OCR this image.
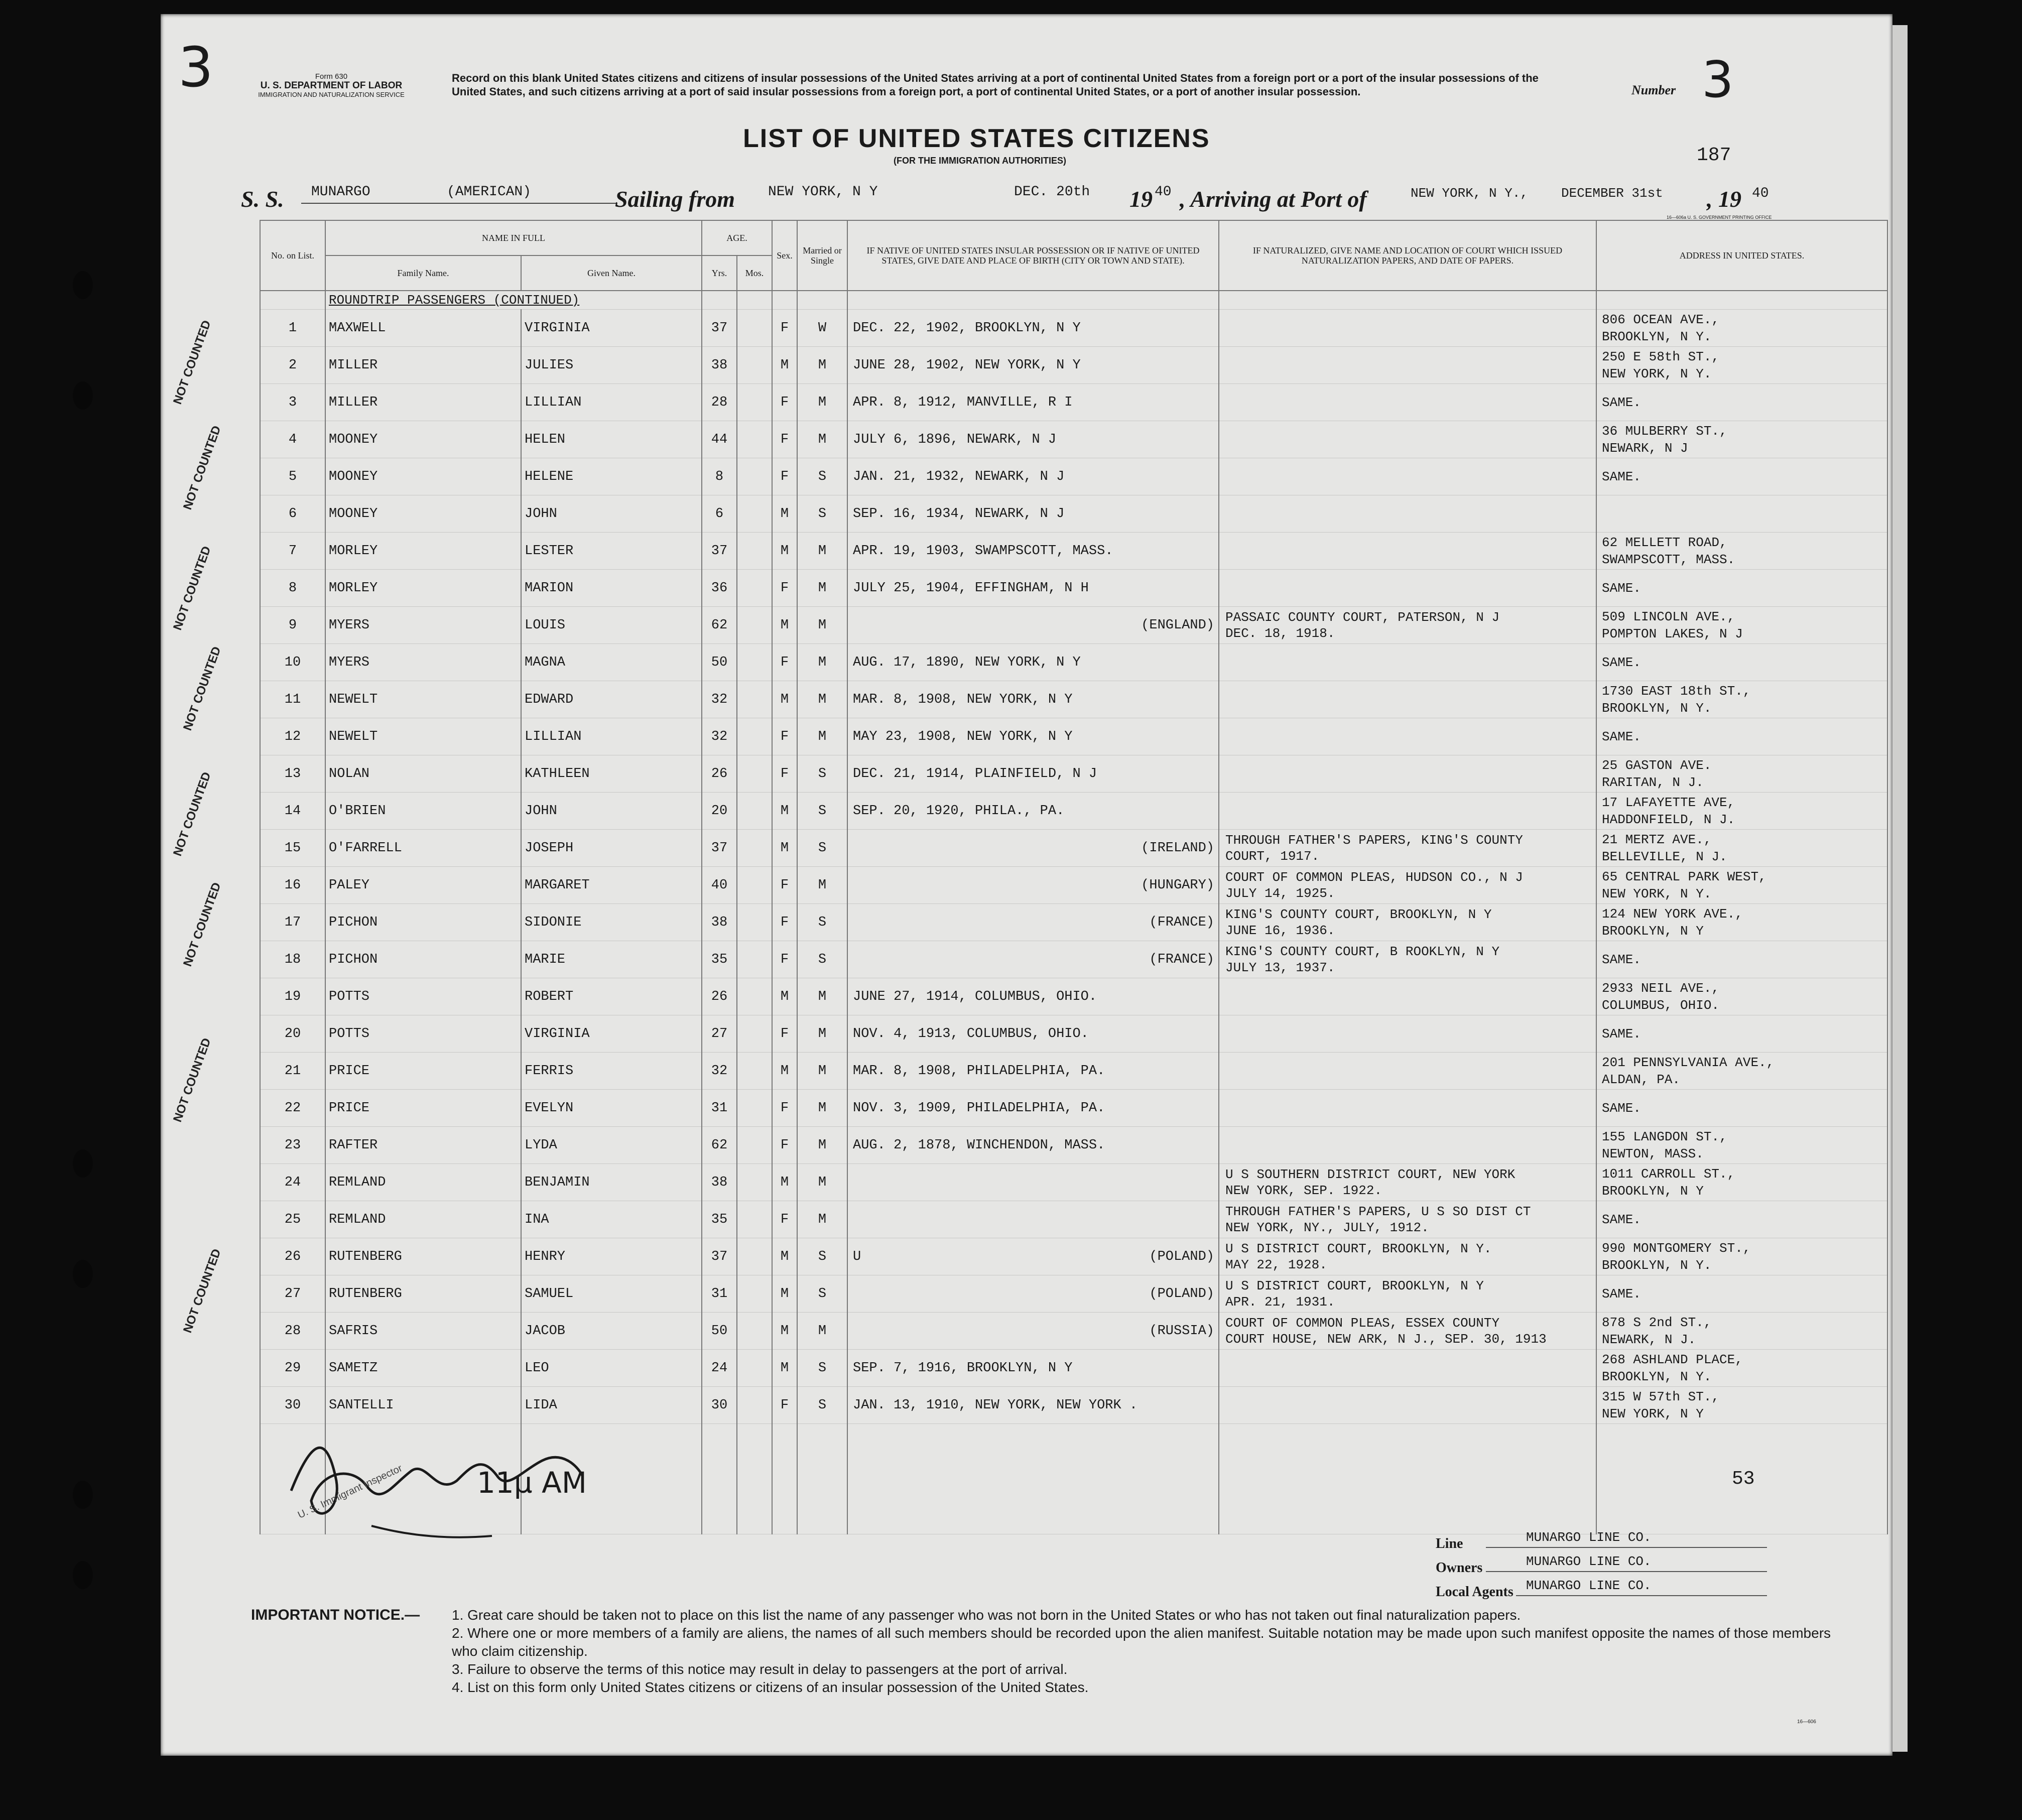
3	Form 630
U. S. DEPARTMENT OF LABOR
IMMIGRATION AND NATURALIZATION SERVICE
Record on this blank United States citizens and citizens of insular possessions of the United States arriving at a port of continental United States from a foreign port or a port of the insular possessions of the United States, and such citizens arriving at a port of said insular possessions from a foreign port, a port of continental United States, or a port of another insular possession.	Number 3
LIST OF UNITED STATES CITIZENS
(FOR THE IMMIGRATION AUTHORITIES)	187
S. S. MUNARGO	(AMERICAN)	Sailing from NEW YORK, N Y	DEC. 20th 19 40 , Arriving at Port of	NEW YORK, N Y.,	DECEMBER 31st , 19 40
16—606a U. S. GOVERNMENT PRINTING OFFICE
	No. on List.	NAME IN FULL		AGE.		Sex.	Married or Single	IF NATIVE OF UNITED STATES INSULAR POSSESSION OR IF NATIVE OF UNITED STATES, GIVE DATE AND PLACE OF BIRTH (CITY OR TOWN AND STATE).	IF NATURALIZED, GIVE NAME AND LOCATION OF COURT WHICH ISSUED NATURALIZATION PAPERS, AND DATE OF PAPERS.	ADDRESS IN UNITED STATES.
		Family Name.	Given Name.	Yrs.	Mos.					
		ROUNDTRIP PASSENGERS (CONTINUED)								
	1	MAXWELL	VIRGINIA	37		F	W	DEC. 22, 1902, BROOKLYN, N Y		806 OCEAN AVE.,
BROOKLYN, N Y.

	2	MILLER	JULIES	38		M	M	JUNE 28, 1902, NEW YORK, N Y		250 E 58th ST.,
NEW YORK, N Y.

	3	MILLER	LILLIAN	28		F	M	APR. 8, 1912, MANVILLE, R I		SAME.

	4	MOONEY	HELEN	44		F	M	JULY 6, 1896, NEWARK, N J		36 MULBERRY ST.,
NEWARK, N J

	5	MOONEY	HELENE	8		F	S	JAN. 21, 1932, NEWARK, N J		SAME.

	6	MOONEY	JOHN	6		M	S	SEP. 16, 1934, NEWARK, N J		

	7	MORLEY	LESTER	37		M	M	APR. 19, 1903, SWAMPSCOTT, MASS.		62 MELLETT ROAD,
SWAMPSCOTT, MASS.

	8	MORLEY	MARION	36		F	M	JULY 25, 1904, EFFINGHAM, N H		SAME.

	9	MYERS	LOUIS	62		M	M	(ENGLAND)	PASSAIC COUNTY COURT, PATERSON, N J
DEC. 18, 1918.	509 LINCOLN AVE.,
POMPTON LAKES, N J

	10	MYERS	MAGNA	50		F	M	AUG. 17, 1890, NEW YORK, N Y		SAME.

	11	NEWELT	EDWARD	32		M	M	MAR. 8, 1908, NEW YORK, N Y		1730 EAST 18th ST.,
BROOKLYN, N Y.

	12	NEWELT	LILLIAN	32		F	M	MAY 23, 1908, NEW YORK, N Y		SAME.

	13	NOLAN	KATHLEEN	26		F	S	DEC. 21, 1914, PLAINFIELD, N J		25 GASTON AVE.
RARITAN, N J.

	14	O'BRIEN	JOHN	20		M	S	SEP. 20, 1920, PHILA., PA.		17 LAFAYETTE AVE,
HADDONFIELD, N J.

	15	O'FARRELL	JOSEPH	37		M	S	(IRELAND)	THROUGH FATHER'S PAPERS, KING'S COUNTY
COURT, 1917.	21 MERTZ AVE.,
BELLEVILLE, N J.

	16	PALEY	MARGARET	40		F	M	(HUNGARY)	COURT OF COMMON PLEAS, HUDSON CO., N J
JULY 14, 1925.	65 CENTRAL PARK WEST,
NEW YORK, N Y.

	17	PICHON	SIDONIE	38		F	S	(FRANCE)	KING'S COUNTY COURT, BROOKLYN, N Y
JUNE 16, 1936.	124 NEW YORK AVE.,
BROOKLYN, N Y

	18	PICHON	MARIE	35		F	S	(FRANCE)	KING'S COUNTY COURT, B ROOKLYN, N Y
JULY 13, 1937.	SAME.

	19	POTTS	ROBERT	26		M	M	JUNE 27, 1914, COLUMBUS, OHIO.		2933 NEIL AVE.,
COLUMBUS, OHIO.

	20	POTTS	VIRGINIA	27		F	M	NOV. 4, 1913, COLUMBUS, OHIO.		SAME.

	21	PRICE	FERRIS	32		M	M	MAR. 8, 1908, PHILADELPHIA, PA.		201 PENNSYLVANIA AVE.,
ALDAN, PA.

	22	PRICE	EVELYN	31		F	M	NOV. 3, 1909, PHILADELPHIA, PA.		SAME.

	23	RAFTER	LYDA	62		F	M	AUG. 2, 1878, WINCHENDON, MASS.		155 LANGDON ST.,
NEWTON, MASS.

	24	REMLAND	BENJAMIN	38		M	M		U S SOUTHERN DISTRICT COURT, NEW YORK
NEW YORK, SEP. 1922.	1011 CARROLL ST.,
BROOKLYN, N Y

	25	REMLAND	INA	35		F	M		THROUGH FATHER'S PAPERS, U S SO DIST CT
NEW YORK, NY., JULY, 1912.	SAME.

	26	RUTENBERG	HENRY	37		M	S	U (POLAND)	U S DISTRICT COURT, BROOKLYN, N Y.
MAY 22, 1928.	990 MONTGOMERY ST.,
BROOKLYN, N Y.

	27	RUTENBERG	SAMUEL	31		M	S	(POLAND)	U S DISTRICT COURT, BROOKLYN, N Y
APR. 21, 1931.	SAME.

	28	SAFRIS	JACOB	50		M	M	(RUSSIA)	COURT OF COMMON PLEAS, ESSEX COUNTY
COURT HOUSE, NEW ARK, N J., SEP. 30, 1913	878 S 2nd ST.,
NEWARK, N J.

	29	SAMETZ	LEO	24		M	S	SEP. 7, 1916, BROOKLYN, N Y		268 ASHLAND PLACE,
BROOKLYN, N Y.

	30	SANTELLI	LIDA	30		F	S	JAN. 13, 1910, NEW YORK, NEW YORK .		315 W 57th ST.,
NEW YORK, N Y

NOT COUNTED
NOT COUNTED
NOT COUNTED
NOT COUNTED
NOT COUNTED
NOT COUNTED
NOT COUNTED
NOT COUNTED
U. S. Immigrant Inspector	11µ AM	53
Line	MUNARGO LINE CO.
Owners	MUNARGO LINE CO.
Local Agents MUNARGO LINE CO.
IMPORTANT NOTICE.—	1. Great care should be taken not to place on this list the name of any passenger who was not born in the United States or who has not taken out final naturalization papers.
2. Where one or more members of a family are aliens, the names of all such members should be recorded upon the alien manifest. Suitable notation may be made upon such manifest opposite the names of those members who claim citizenship.
3. Failure to observe the terms of this notice may result in delay to passengers at the port of arrival.
4. List on this form only United States citizens or citizens of an insular possession of the United States.
16—606
